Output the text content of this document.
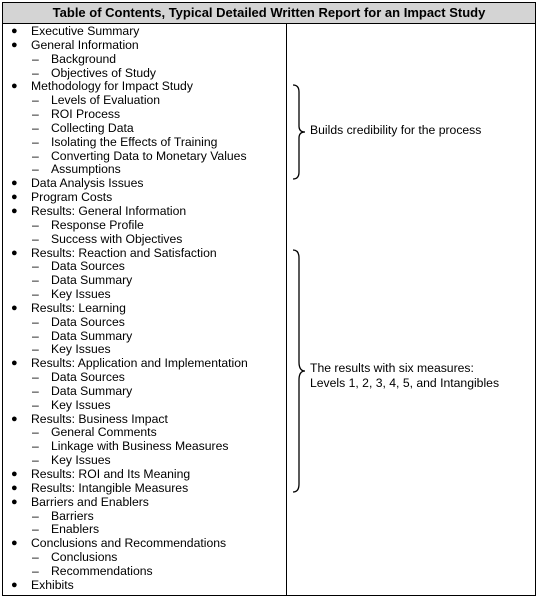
Table of Contents, Typical Detailed Written Report for an Impact Study
● Executive Summary
● General Information
– Background
– Objectives of Study
● Methodology for Impact Study
– Levels of Evaluation
– ROI Process
– Collecting Data
– Isolating the Effects of Training
– Converting Data to Monetary Values
– Assumptions
● Data Analysis Issues
● Program Costs
● Results: General Information
– Response Profile
– Success with Objectives
● Results: Reaction and Satisfaction
– Data Sources
– Data Summary
– Key Issues
● Results: Learning
– Data Sources
– Data Summary
– Key Issues
● Results: Application and Implementation
– Data Sources
– Data Summary
– Key Issues
● Results: Business Impact
– General Comments
– Linkage with Business Measures
– Key Issues
● Results: ROI and Its Meaning
● Results: Intangible Measures
● Barriers and Enablers
– Barriers
– Enablers
● Conclusions and Recommendations
– Conclusions
– Recommendations
● Exhibits
Builds credibility for the process
The results with six measures:
Levels 1, 2, 3, 4, 5, and Intangibles
